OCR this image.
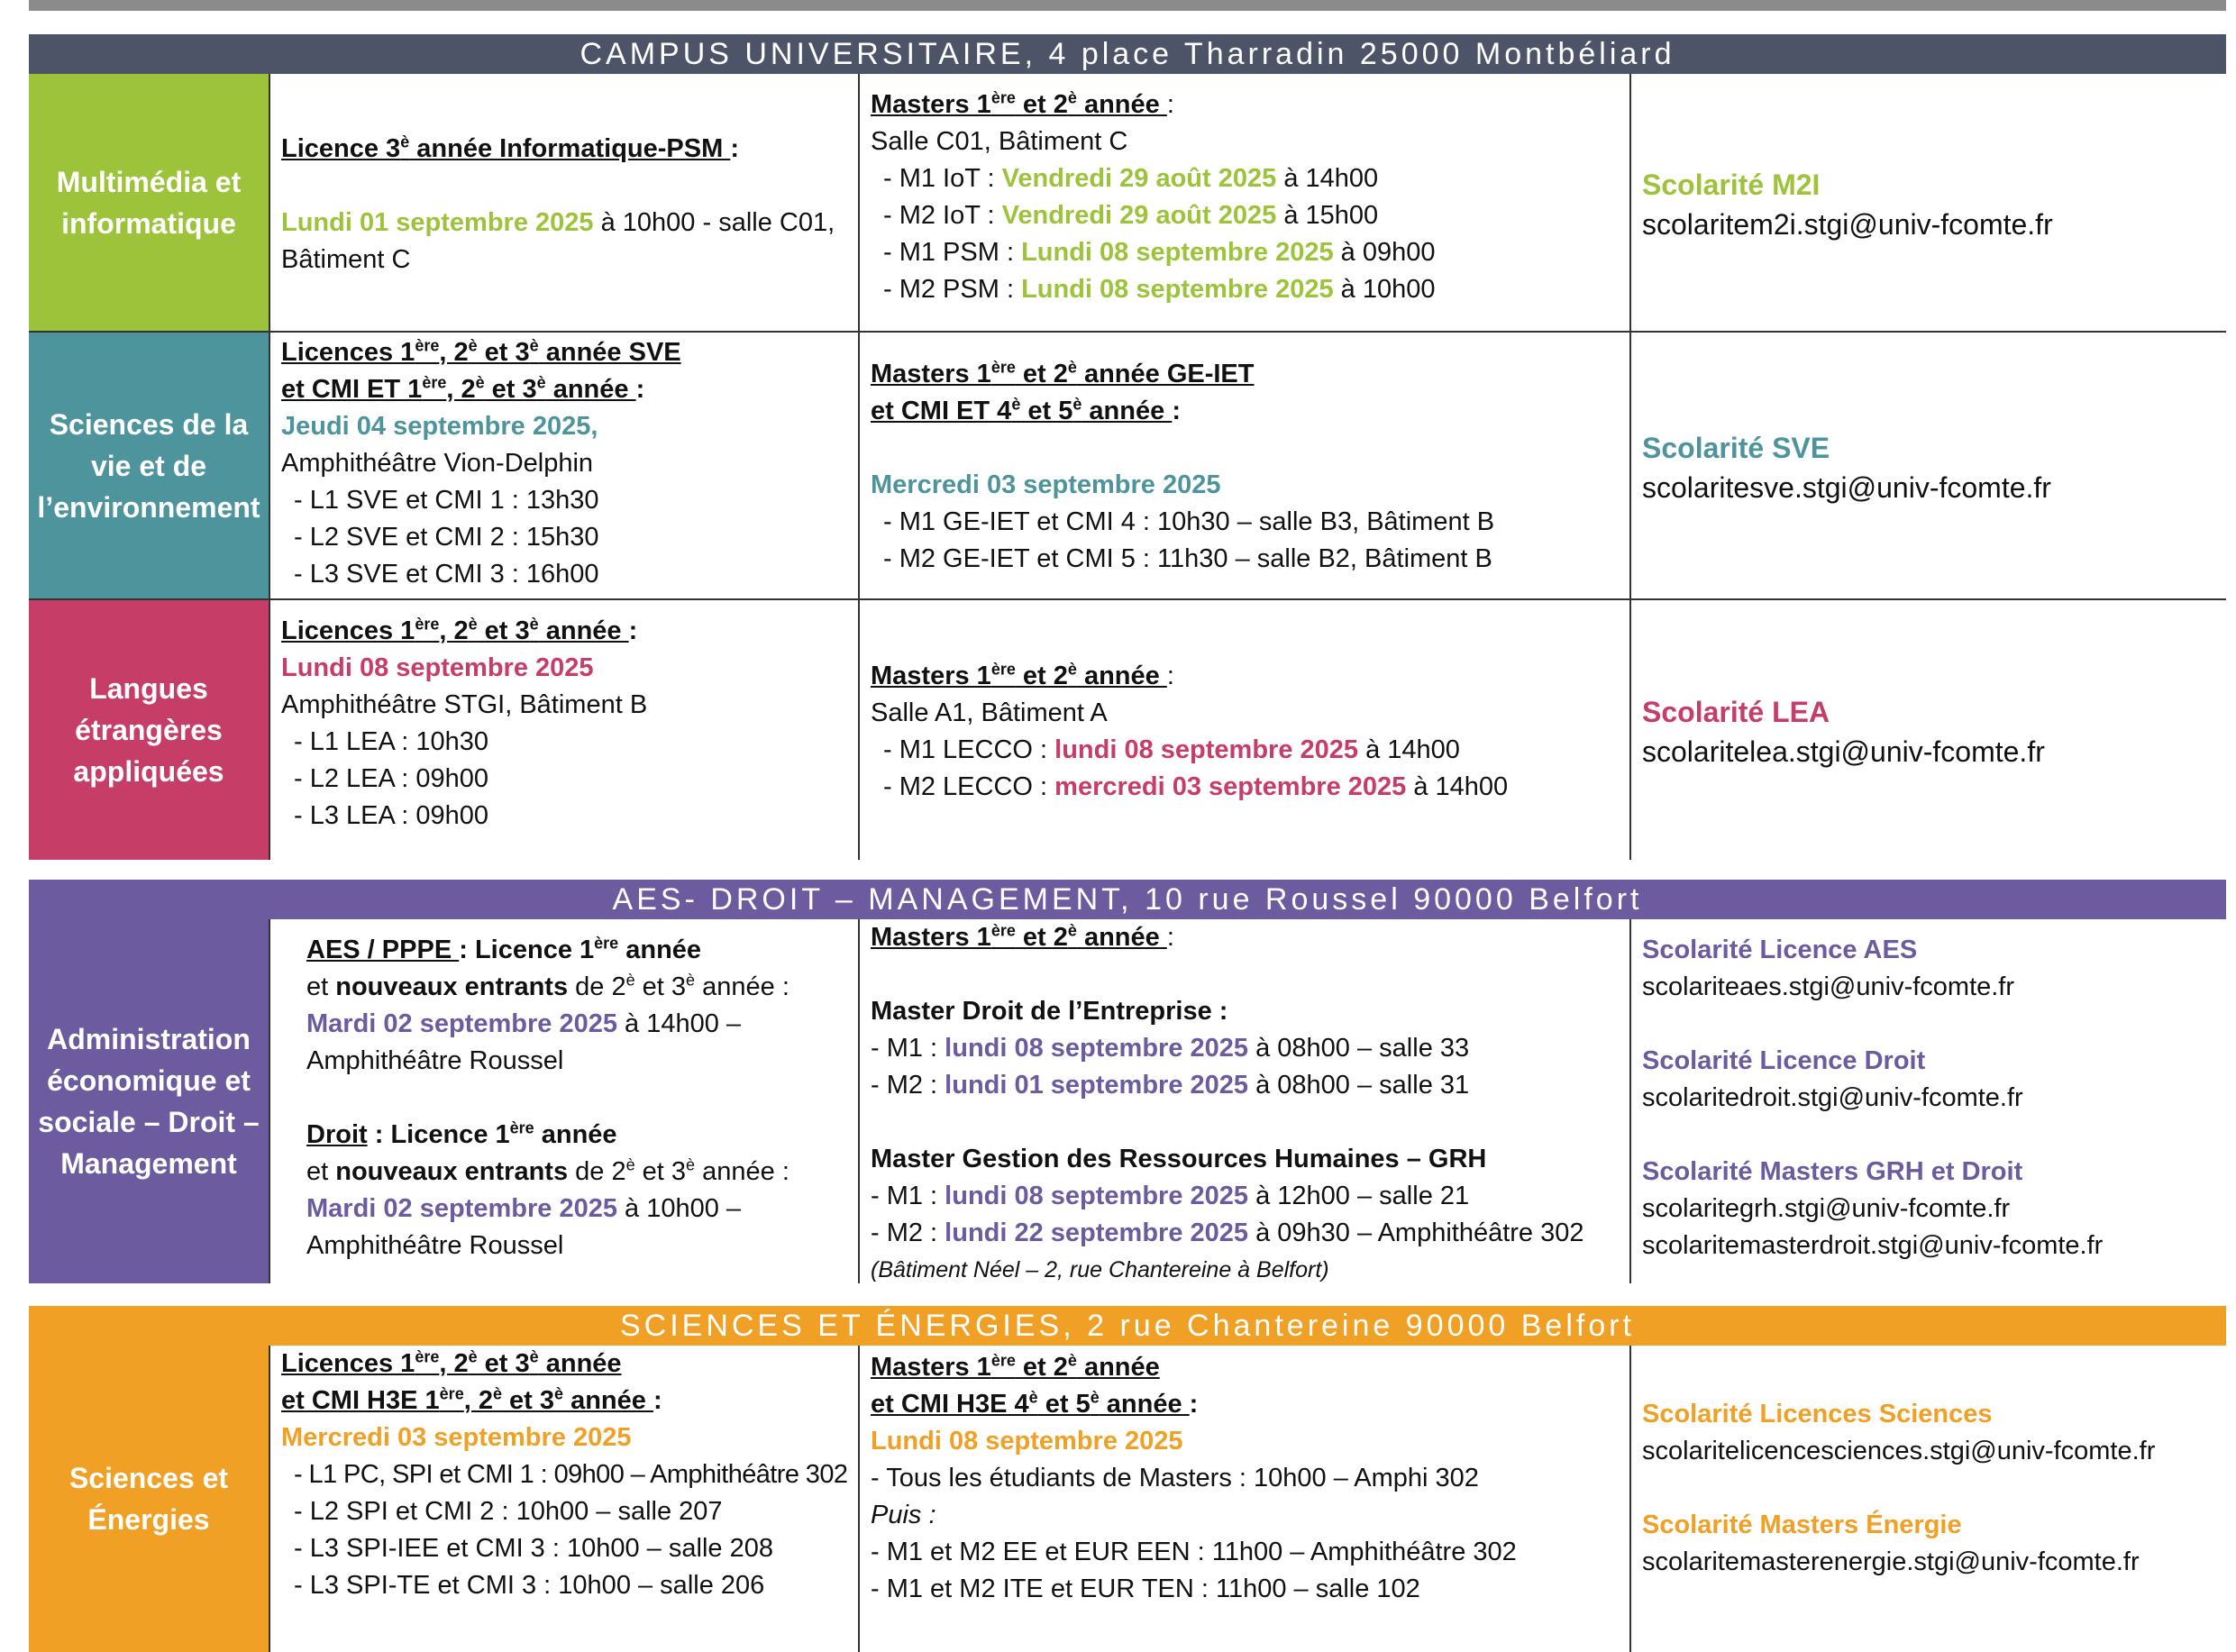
CAMPUS UNIVERSITAIRE, 4 place Tharradin 25000 Montbéliard
Multimédia et informatique
Licence $3^è$ année Informatique-PSM :
Lundi 01 septembre 2025 à 10h00 - salle C01,
Bâtiment C
Masters 1ère et $2^è$ année :
Salle C01, Bâtiment C
- M1 IoT : Vendredi 29 août 2025 à 14h00
- M2 IoT : Vendredi 29 août 2025 à 15h00
- M1 PSM : Lundi 08 septembre 2025 à 09h00
- M2 PSM : Lundi 08 septembre 2025 à 10h00
Scolarité M2I
scolaritem2i.stgi@univ-fcomte.fr
Sciences de la vie et de l’environnement
Licences 1ère, $2^è$ et $3^è$ année SVE
et CMI ET 1ère, $2^è$ et $3^è$ année :
Jeudi 04 septembre 2025,
Amphithéâtre Vion-Delphin
- L1 SVE et CMI 1 : 13h30
- L2 SVE et CMI 2 : 15h30
- L3 SVE et CMI 3 : 16h00
Masters 1ère et $2^è$ année GE-IET
et CMI ET $4^è$ et $5^è$ année :
Mercredi 03 septembre 2025
- M1 GE-IET et CMI 4 : 10h30 – salle B3, Bâtiment B
- M2 GE-IET et CMI 5 : 11h30 – salle B2, Bâtiment B
Scolarité SVE
scolaritesve.stgi@univ-fcomte.fr
Langues étrangères appliquées
Licences 1ère, $2^è$ et $3^è$ année :
Lundi 08 septembre 2025
Amphithéâtre STGI, Bâtiment B
- L1 LEA : 10h30
- L2 LEA : 09h00
- L3 LEA : 09h00
Masters 1ère et $2^è$ année :
Salle A1, Bâtiment A
- M1 LECCO : lundi 08 septembre 2025 à 14h00
- M2 LECCO : mercredi 03 septembre 2025 à 14h00
Scolarité LEA
scolaritelea.stgi@univ-fcomte.fr
AES- DROIT – MANAGEMENT, 10 rue Roussel 90000 Belfort
Administration économique et sociale – Droit – Management
AES / PPPE : Licence 1ère année
et nouveaux entrants de $2^è$ et $3^è$ année :
Mardi 02 septembre 2025 à 14h00 –
Amphithéâtre Roussel
Droit : Licence 1ère année
et nouveaux entrants de $2^è$ et $3^è$ année :
Mardi 02 septembre 2025 à 10h00 –
Amphithéâtre Roussel
Masters 1ère et $2^è$ année :
Master Droit de l’Entreprise :
- M1 : lundi 08 septembre 2025 à 08h00 – salle 33
- M2 : lundi 01 septembre 2025 à 08h00 – salle 31
Master Gestion des Ressources Humaines – GRH
- M1 : lundi 08 septembre 2025 à 12h00 – salle 21
- M2 : lundi 22 septembre 2025 à 09h30 – Amphithéâtre 302
(Bâtiment Néel – 2, rue Chantereine à Belfort)
Scolarité Licence AES
scolariteaes.stgi@univ-fcomte.fr
Scolarité Licence Droit
scolaritedroit.stgi@univ-fcomte.fr
Scolarité Masters GRH et Droit
scolaritegrh.stgi@univ-fcomte.fr
scolaritemasterdroit.stgi@univ-fcomte.fr
SCIENCES ET ÉNERGIES, 2 rue Chantereine 90000 Belfort
Sciences et Énergies
Licences 1ère, $2^è$ et $3^è$ année
et CMI H3E 1ère, $2^è$ et $3^è$ année :
Mercredi 03 septembre 2025
- L1 PC, SPI et CMI 1 : 09h00 – Amphithéâtre 302
- L2 SPI et CMI 2 : 10h00 – salle 207
- L3 SPI-IEE et CMI 3 : 10h00 – salle 208
- L3 SPI-TE et CMI 3 : 10h00 – salle 206
Masters 1ère et $2^è$ année
et CMI H3E $4^è$ et $5^è$ année :
Lundi 08 septembre 2025
- Tous les étudiants de Masters : 10h00 – Amphi 302
Puis :
- M1 et M2 EE et EUR EEN : 11h00 – Amphithéâtre 302
- M1 et M2 ITE et EUR TEN : 11h00 – salle 102
Scolarité Licences Sciences
scolaritelicencesciences.stgi@univ-fcomte.fr
Scolarité Masters Énergie
scolaritemasterenergie.stgi@univ-fcomte.fr
